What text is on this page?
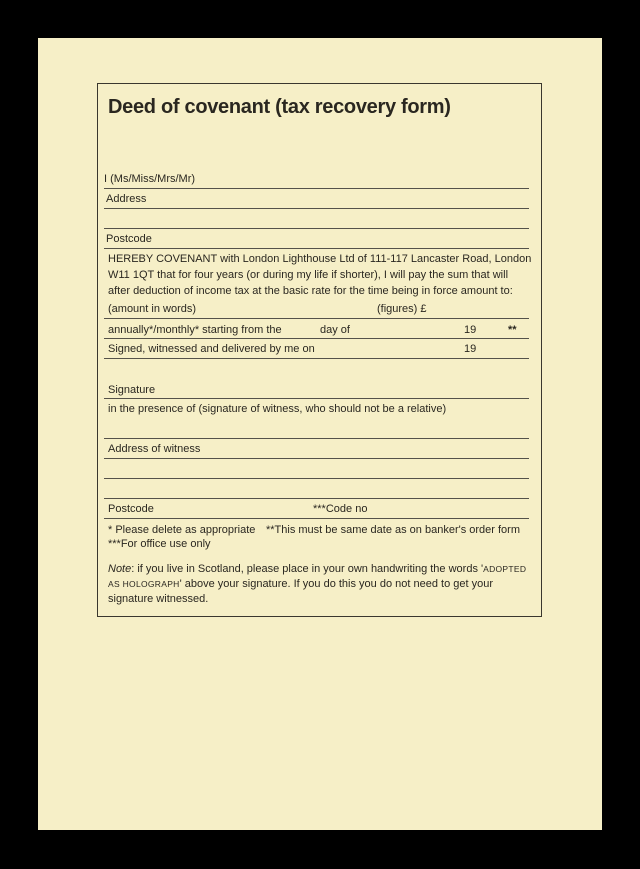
Deed of covenant (tax recovery form)
I (Ms/Miss/Mrs/Mr)
Address
Postcode
HEREBY COVENANT with London Lighthouse Ltd of 111-117 Lancaster Road, London W11 1QT that for four years (or during my life if shorter), I will pay the sum that will after deduction of income tax at the basic rate for the time being in force amount to:
(amount in words)	(figures) £
annually*/monthly* starting from the	day of	19	**
Signed, witnessed and delivered by me on	19
Signature
in the presence of (signature of witness, who should not be a relative)
Address of witness
Postcode	***Code no
* Please delete as appropriate **This must be same date as on banker's order form
***For office use only
Note: if you live in Scotland, please place in your own handwriting the words 'ADOPTED AS HOLOGRAPH' above your signature. If you do this you do not need to get your signature witnessed.
